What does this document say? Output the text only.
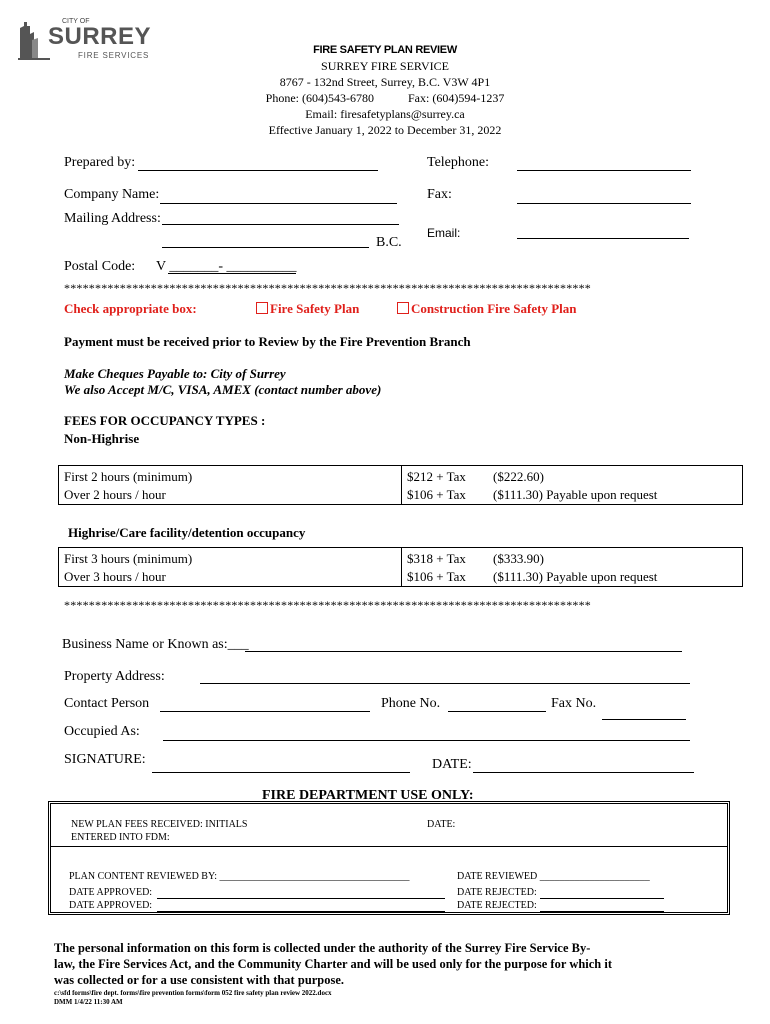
CITY OF
SURREY
FIRE SERVICES	FIRE SAFETY PLAN REVIEW
SURREY FIRE SERVICE
8767 - 132nd Street, Surrey, B.C. V3W 4P1
Phone: (604)543-6780	Fax: (604)594-1237
Email: firesafetyplans@surrey.ca
Effective January 1, 2022 to December 31, 2022
Prepared by:	Telephone:
Company Name:	Fax:
Mailing Address:
B.C.
Email:
Postal Code: V _______- __________
*************************************************************************************
Check appropriate box:	Fire Safety Plan	Construction Fire Safety Plan
Payment must be received prior to Review by the Fire Prevention Branch
Make Cheques Payable to: City of Surrey
We also Accept M/C, VISA, AMEX (contact number above)
FEES FOR OCCUPANCY TYPES :
Non-Highrise
First 2 hours (minimum)	$212 + Tax ($222.60)
Over 2 hours / hour	$106 + Tax ($111.30) Payable upon request
Highrise/Care facility/detention occupancy
First 3 hours (minimum)	$318 + Tax ($333.90)
Over 3 hours / hour	$106 + Tax ($111.30) Payable upon request
*************************************************************************************
Business Name or Known as:___
Property Address:
Contact Person	Phone No.	Fax No.
Occupied As:
SIGNATURE:	DATE:
FIRE DEPARTMENT USE ONLY:
NEW PLAN FEES RECEIVED: INITIALS	DATE:
ENTERED INTO FDM:
PLAN CONTENT REVIEWED BY: ______________________________________	DATE REVIEWED ______________________
DATE APPROVED:	DATE REJECTED:
DATE APPROVED:	DATE REJECTED:
The personal information on this form is collected under the authority of the Surrey Fire Service By-
law, the Fire Services Act, and the Community Charter and will be used only for the purpose for which it
was collected or for a use consistent with that purpose.
c:\sfd forms\fire dept. forms\fire prevention forms\form 052 fire safety plan review 2022.docx
DMM 1/4/22 11:30 AM
